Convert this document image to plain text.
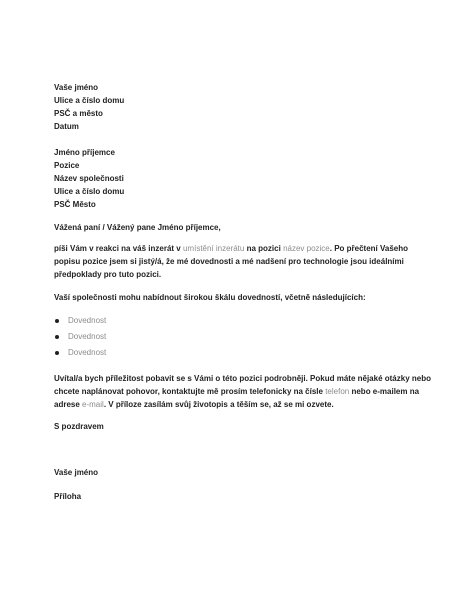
Vaše jméno
Ulice a číslo domu
PSČ a město
Datum
Jméno příjemce
Pozice
Název společnosti
Ulice a číslo domu
PSČ Město
Vážená paní / Vážený pane Jméno příjemce,
píši Vám v reakci na váš inzerát v umístění inzerátu na pozici název pozice. Po přečtení Vašeho
popisu pozice jsem si jistý/á, že mé dovednosti a mé nadšení pro technologie jsou ideálními
předpoklady pro tuto pozici.
Vaší společnosti mohu nabídnout širokou škálu dovedností, včetně následujících:
Dovednost
Dovednost
Dovednost
Uvítal/a bych příležitost pobavit se s Vámi o této pozici podrobněji. Pokud máte nějaké otázky nebo
chcete naplánovat pohovor, kontaktujte mě prosím telefonicky na čísle telefon nebo e-mailem na
adrese e-mail. V příloze zasílám svůj životopis a těším se, až se mi ozvete.
S pozdravem
Vaše jméno
Příloha
